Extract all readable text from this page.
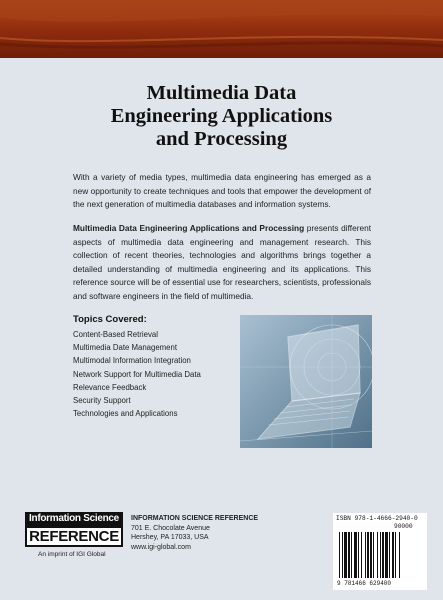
Multimedia Data
Engineering Applications
and Processing
With a variety of media types, multimedia data engineering has emerged as a new opportunity to create techniques and tools that empower the development of the next generation of multimedia databases and information systems.
Multimedia Data Engineering Applications and Processing presents different aspects of multimedia data engineering and management research. This collection of recent theories, technologies and algorithms brings together a detailed understanding of multimedia engineering and its applications. This reference source will be of essential use for researchers, scientists, professionals and software engineers in the field of multimedia.
Topics Covered:
Content-Based Retrieval
Multimedia Date Management
Multimodal Information Integration
Network Support for Multimedia Data
Relevance Feedback
Security Support
Technologies and Applications
Information Science
REFERENCE
An imprint of IGI Global
INFORMATION SCIENCE REFERENCE
701 E. Chocolate Avenue
Hershey, PA 17033, USA
www.igi-global.com
ISBN 978-1-4666-2940-0
90000
9 781466 629400
